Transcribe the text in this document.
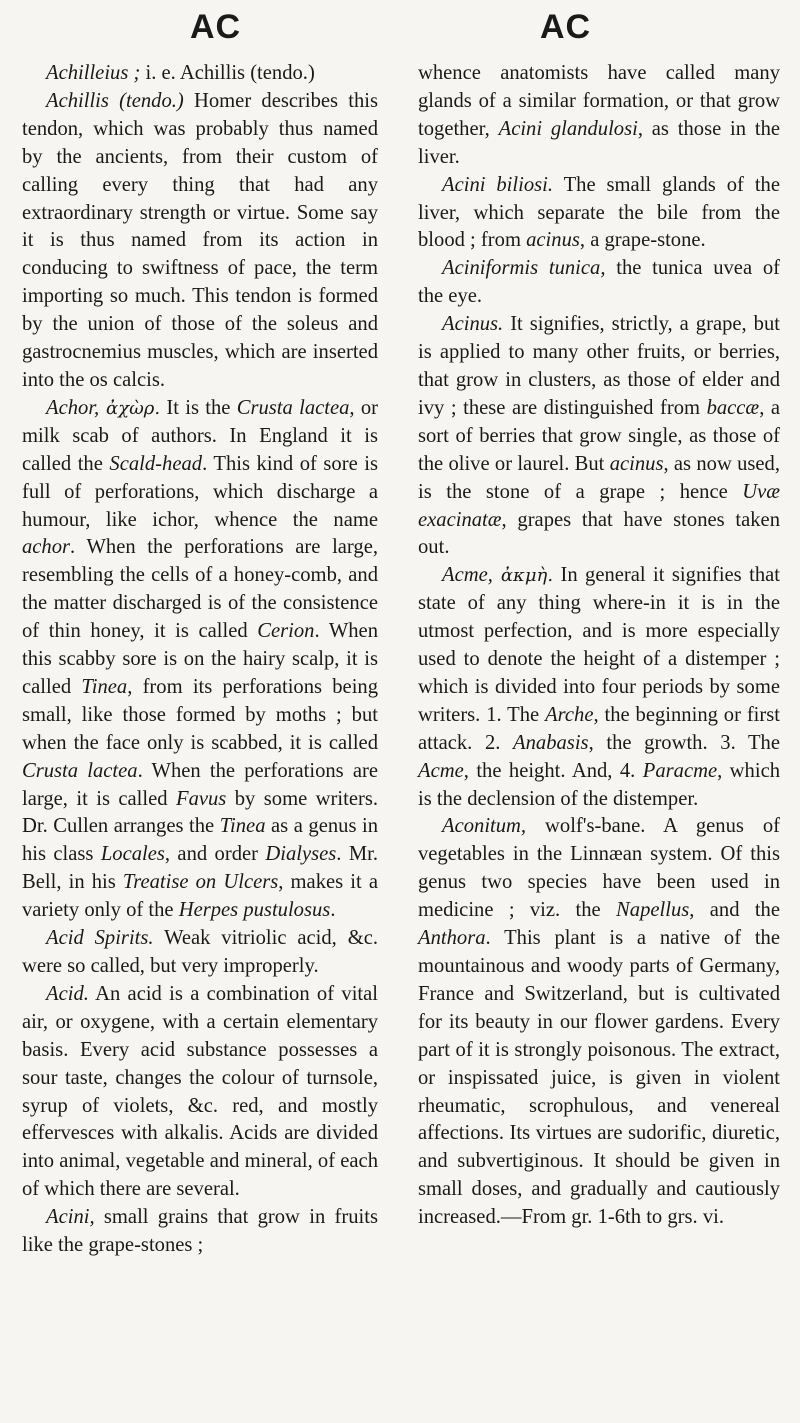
AC	AC

Achilleius ; i. e. Achillis (tendo.)

Achillis (tendo.) Homer describes this tendon, which was probably thus named by the ancients, from their custom of calling every thing that had any extraordinary strength or virtue. Some say it is thus named from its action in conducing to swiftness of pace, the term importing so much. This tendon is formed by the union of those of the soleus and gastrocnemius muscles, which are inserted into the os calcis.

Achor, ἀχὼρ. It is the Crusta lactea, or milk scab of authors. In England it is called the Scald-head. This kind of sore is full of perforations, which discharge a humour, like ichor, whence the name achor. When the perforations are large, resembling the cells of a honey-comb, and the matter discharged is of the consistence of thin honey, it is called Cerion. When this scabby sore is on the hairy scalp, it is called Tinea, from its perforations being small, like those formed by moths ; but when the face only is scabbed, it is called Crusta lactea. When the perforations are large, it is called Favus by some writers. Dr. Cullen arranges the Tinea as a genus in his class Locales, and order Dialyses. Mr. Bell, in his Treatise on Ulcers, makes it a variety only of the Herpes pustulosus.

Acid Spirits. Weak vitriolic acid, &c. were so called, but very improperly.

Acid. An acid is a combination of vital air, or oxygene, with a certain elementary basis. Every acid substance possesses a sour taste, changes the colour of turnsole, syrup of violets, &c. red, and mostly effervesces with alkalis. Acids are divided into animal, vegetable and mineral, of each of which there are several.

Acini, small grains that grow in fruits like the grape-stones ;

whence anatomists have called many glands of a similar formation, or that grow together, Acini glandulosi, as those in the liver.

Acini biliosi. The small glands of the liver, which separate the bile from the blood ; from acinus, a grape-stone.

Aciniformis tunica, the tunica uvea of the eye.

Acinus. It signifies, strictly, a grape, but is applied to many other fruits, or berries, that grow in clusters, as those of elder and ivy ; these are distinguished from baccæ, a sort of berries that grow single, as those of the olive or laurel. But acinus, as now used, is the stone of a grape ; hence Uvæ exacinatæ, grapes that have stones taken out.

Acme, ἀκμὴ. In general it signifies that state of any thing where-in it is in the utmost perfection, and is more especially used to denote the height of a distemper ; which is divided into four periods by some writers. 1. The Arche, the beginning or first attack. 2. Anabasis, the growth. 3. The Acme, the height. And, 4. Paracme, which is the declension of the distemper.

Aconitum, wolf's-bane. A genus of vegetables in the Linnæan system. Of this genus two species have been used in medicine ; viz. the Napellus, and the Anthora. This plant is a native of the mountainous and woody parts of Germany, France and Switzerland, but is cultivated for its beauty in our flower gardens. Every part of it is strongly poisonous. The extract, or inspissated juice, is given in violent rheumatic, scrophulous, and venereal affections. Its virtues are sudorific, diuretic, and subvertiginous. It should be given in small doses, and gradually and cautiously increased.—From gr. 1-6th to grs. vi.
